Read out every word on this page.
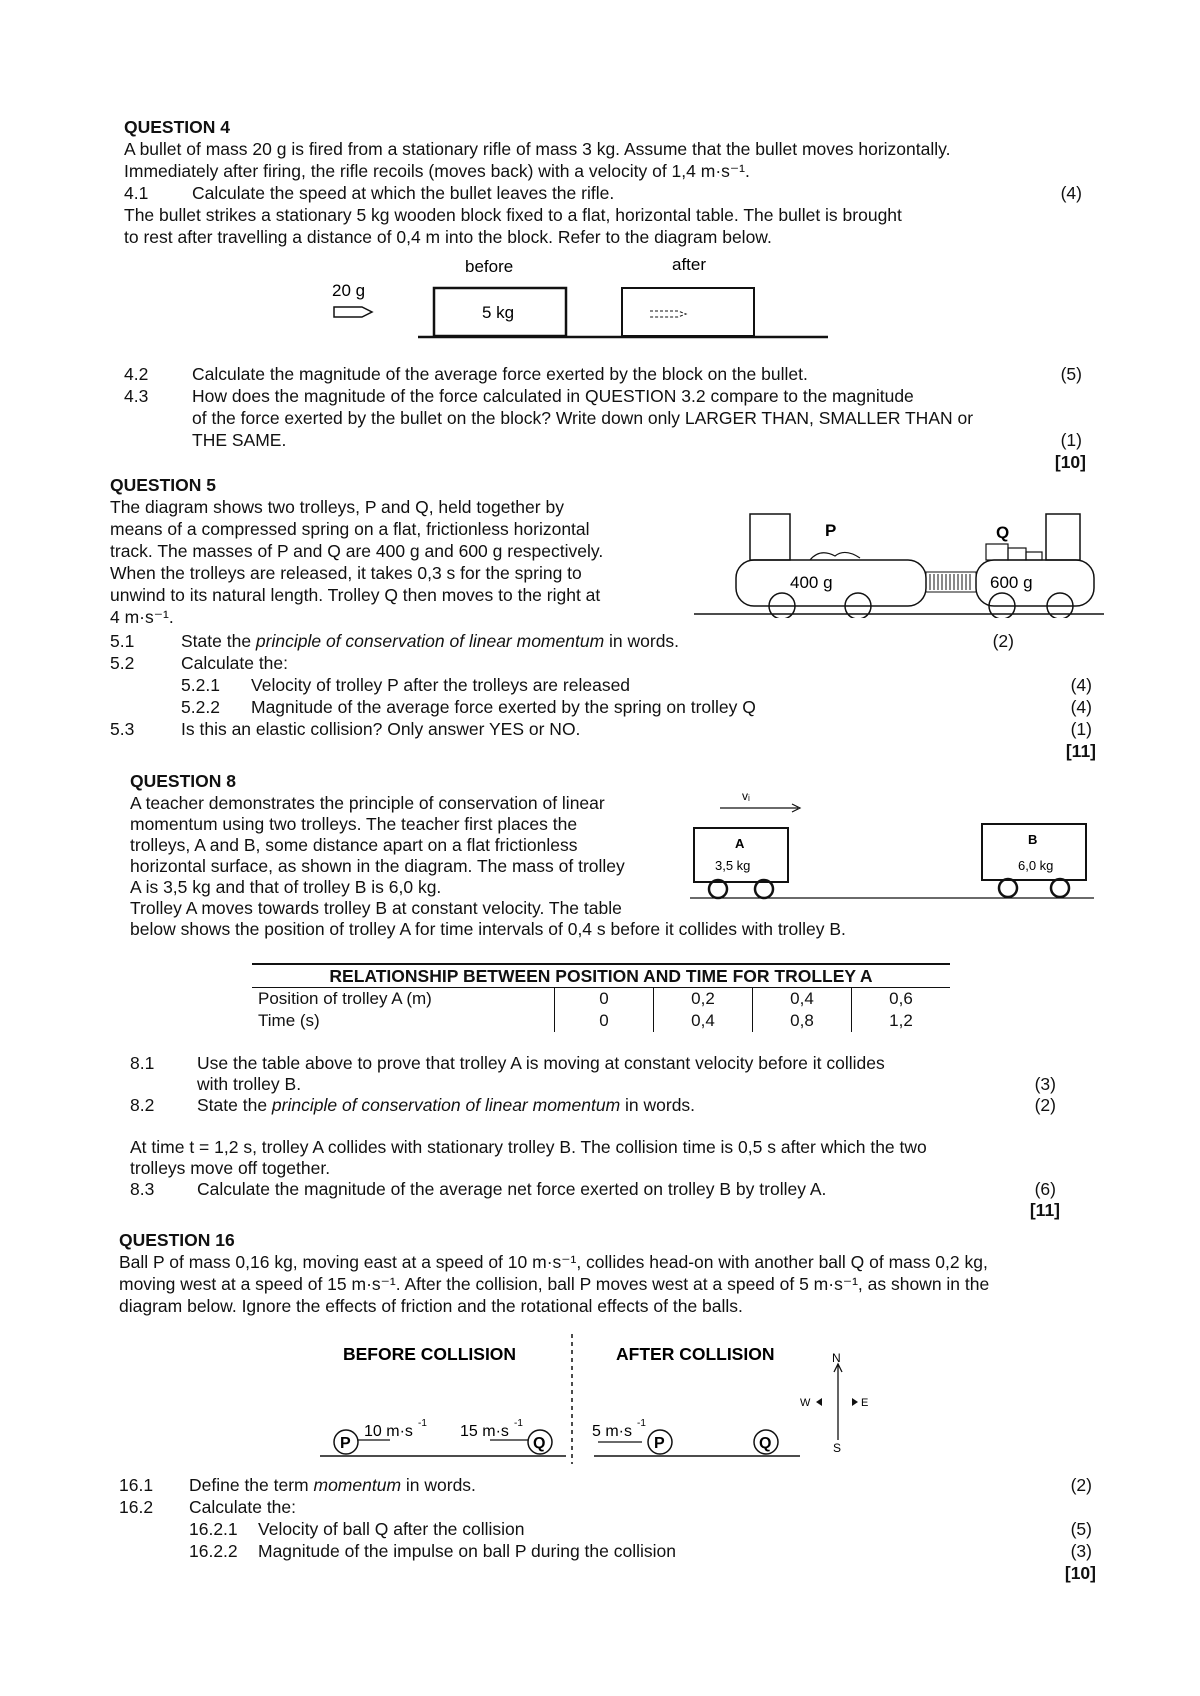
QUESTION 4
A bullet of mass 20 g is fired from a stationary rifle of mass 3 kg. Assume that the bullet moves horizontally.
Immediately after firing, the rifle recoils (moves back) with a velocity of 1,4 m·s⁻¹.
4.1 Calculate the speed at which the bullet leaves the rifle.	(4)
The bullet strikes a stationary 5 kg wooden block fixed to a flat, horizontal table. The bullet is brought
to rest after travelling a distance of 0,4 m into the block. Refer to the diagram below.
before	after
20 g
5 kg
4.2 Calculate the magnitude of the average force exerted by the block on the bullet.	(5)
4.3 How does the magnitude of the force calculated in QUESTION 3.2 compare to the magnitude
of the force exerted by the bullet on the block? Write down only LARGER THAN, SMALLER THAN or
THE SAME.	(1)
[10]
QUESTION 5
The diagram shows two trolleys, P and Q, held together by
means of a compressed spring on a flat, frictionless horizontal
track. The masses of P and Q are 400 g and 600 g respectively.
When the trolleys are released, it takes 0,3 s for the spring to
unwind to its natural length. Trolley Q then moves to the right at
4 m·s⁻¹.
P
400 g	600 g
Q
5.1	State the principle of conservation of linear momentum in words.	(2)
5.2	Calculate the:
5.2.1 Velocity of trolley P after the trolleys are released	(4)
5.2.2 Magnitude of the average force exerted by the spring on trolley Q	(4)
5.3	Is this an elastic collision? Only answer YES or NO.	(1)
[11]
QUESTION 8
A teacher demonstrates the principle of conservation of linear
momentum using two trolleys. The teacher first places the
trolleys, A and B, some distance apart on a flat frictionless
horizontal surface, as shown in the diagram. The mass of trolley
A is 3,5 kg and that of trolley B is 6,0 kg.
Trolley A moves towards trolley B at constant velocity. The table
below shows the position of trolley A for time intervals of 0,4 s before it collides with trolley B.
vᵢ
A
3,5 kg
B
6,0 kg
RELATIONSHIP BETWEEN POSITION AND TIME FOR TROLLEY A				
Position of trolley A (m)	0	0,2	0,4	0,6
Time (s)	0	0,4	0,8	1,2
8.1 Use the table above to prove that trolley A is moving at constant velocity before it collides
with trolley B.	(3)
8.2 State the principle of conservation of linear momentum in words.	(2)
At time t = 1,2 s, trolley A collides with stationary trolley B. The collision time is 0,5 s after which the two
trolleys move off together.
8.3 Calculate the magnitude of the average net force exerted on trolley B by trolley A.	(6)
[11]
QUESTION 16
Ball P of mass 0,16 kg, moving east at a speed of 10 m·s⁻¹, collides head-on with another ball Q of mass 0,2 kg,
moving west at a speed of 15 m·s⁻¹. After the collision, ball P moves west at a speed of 5 m·s⁻¹, as shown in the
diagram below. Ignore the effects of friction and the rotational effects of the balls.
BEFORE COLLISION	AFTER COLLISION
P
10 m·s -1 15 m·s -1
Q
5 m·s -1
P	Q
N
S
W	E
16.1 Define the term momentum in words.	(2)
16.2 Calculate the:
16.2.1 Velocity of ball Q after the collision	(5)
16.2.2 Magnitude of the impulse on ball P during the collision	(3)
[10]
